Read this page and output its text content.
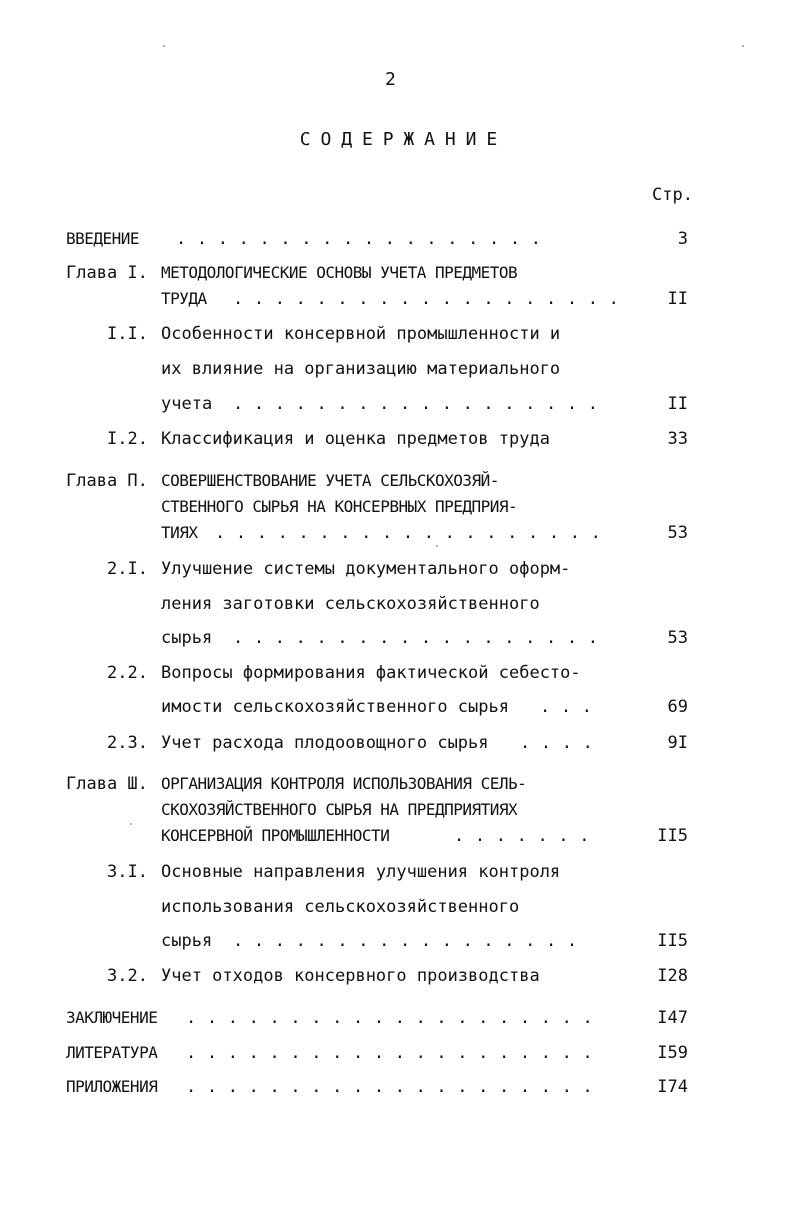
2
СОДЕРЖАНИЕ
Стр.
ВВЕДЕНИЕ . . . . . . . . . . . . . . . . . .	3
Глава I. МЕТОДОЛОГИЧЕСКИЕ ОСНОВЫ УЧЕТА ПРЕДМЕТОВ
ТРУДА . . . . . . . . . . . . . . . . . . .	II
I.I. Особенности консервной промышленности и
их влияние на организацию материального
учета . . . . . . . . . . . . . . . . . .	II
I.2. Классификация и оценка предметов труда	33
Глава П. СОВЕРШЕНСТВОВАНИЕ УЧЕТА СЕЛЬСКОХОЗЯЙ-
СТВЕННОГО СЫРЬЯ НА КОНСЕРВНЫХ ПРЕДПРИЯ-
ТИЯХ . . . . . . . . . . . . . . . . . . .	53
2.I. Улучшение системы документального оформ-
ления заготовки сельскохозяйственного
сырья . . . . . . . . . . . . . . . . . .	53
2.2. Вопросы формирования фактической себесто-
имости сельскохозяйственного сырья . . .	69
2.3. Учет расхода плодоовощного сырья . . . .	9I
Глава Ш. ОРГАНИЗАЦИЯ КОНТРОЛЯ ИСПОЛЬЗОВАНИЯ СЕЛЬ-
СКОХОЗЯЙСТВЕННОГО СЫРЬЯ НА ПРЕДПРИЯТИЯХ
КОНСЕРВНОЙ ПРОМЫШЛЕННОСТИ	. . . . . . .	II5
3.I. Основные направления улучшения контроля
использования сельскохозяйственного
сырья . . . . . . . . . . . . . . . . .	II5
3.2. Учет отходов консервного производства	I28
ЗАКЛЮЧЕНИЕ . . . . . . . . . . . . . . . . . . . .	I47
ЛИТЕРАТУРА . . . . . . . . . . . . . . . . . . . .	I59
ПРИЛОЖЕНИЯ . . . . . . . . . . . . . . . . . . . .	I74
